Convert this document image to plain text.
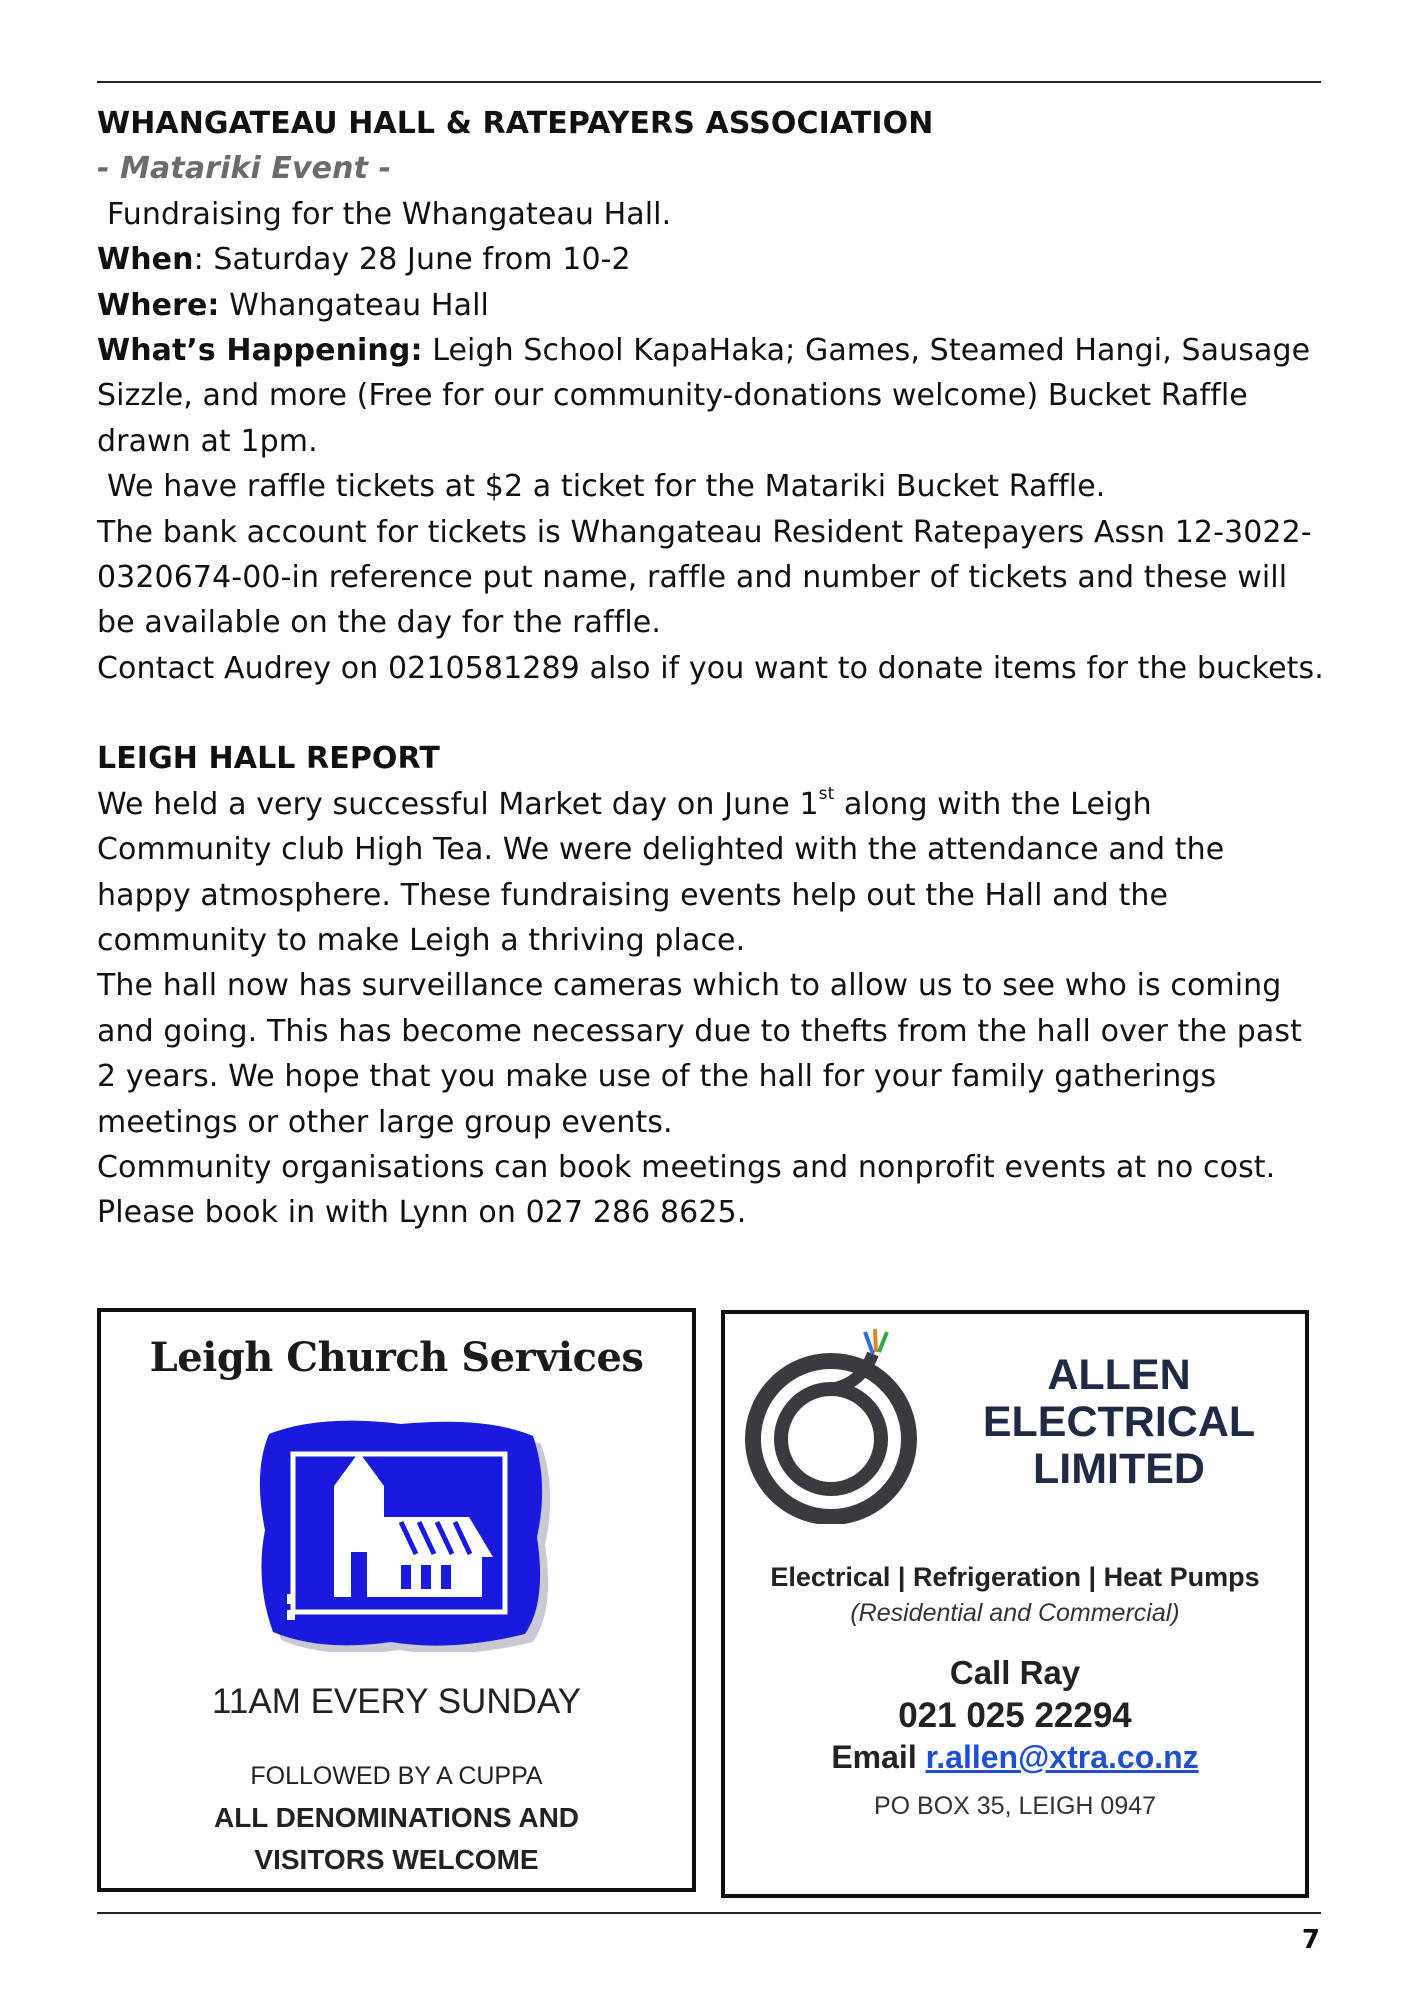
WHANGATEAU HALL & RATEPAYERS ASSOCIATION

- Matariki Event -

Fundraising for the Whangateau Hall.

When: Saturday 28 June from 10-2

Where: Whangateau Hall

What’s Happening: Leigh School KapaHaka; Games, Steamed Hangi, Sausage Sizzle, and more (Free for our community-donations welcome) Bucket Raffle drawn at 1pm.

We have raffle tickets at $2 a ticket for the Matariki Bucket Raffle.

The bank account for tickets is Whangateau Resident Ratepayers Assn 12-3022-0320674-00-in reference put name, raffle and number of tickets and these will be available on the day for the raffle.

Contact Audrey on 0210581289 also if you want to donate items for the buckets.

LEIGH HALL REPORT

We held a very successful Market day on June 1st along with the Leigh Community club High Tea. We were delighted with the attendance and the happy atmosphere. These fundraising events help out the Hall and the community to make Leigh a thriving place.

The hall now has surveillance cameras which to allow us to see who is coming and going. This has become necessary due to thefts from the hall over the past 2 years. We hope that you make use of the hall for your family gatherings meetings or other large group events.

Community organisations can book meetings and nonprofit events at no cost. Please book in with Lynn on 027 286 8625.

Leigh Church Services
11AM EVERY SUNDAY
FOLLOWED BY A CUPPA
ALL DENOMINATIONS AND
VISITORS WELCOME
ALLEN
ELECTRICAL
LIMITED
Electrical | Refrigeration | Heat Pumps
(Residential and Commercial)
Call Ray
021 025 22294
Email r.allen@xtra.co.nz
PO BOX 35, LEIGH 0947
7
